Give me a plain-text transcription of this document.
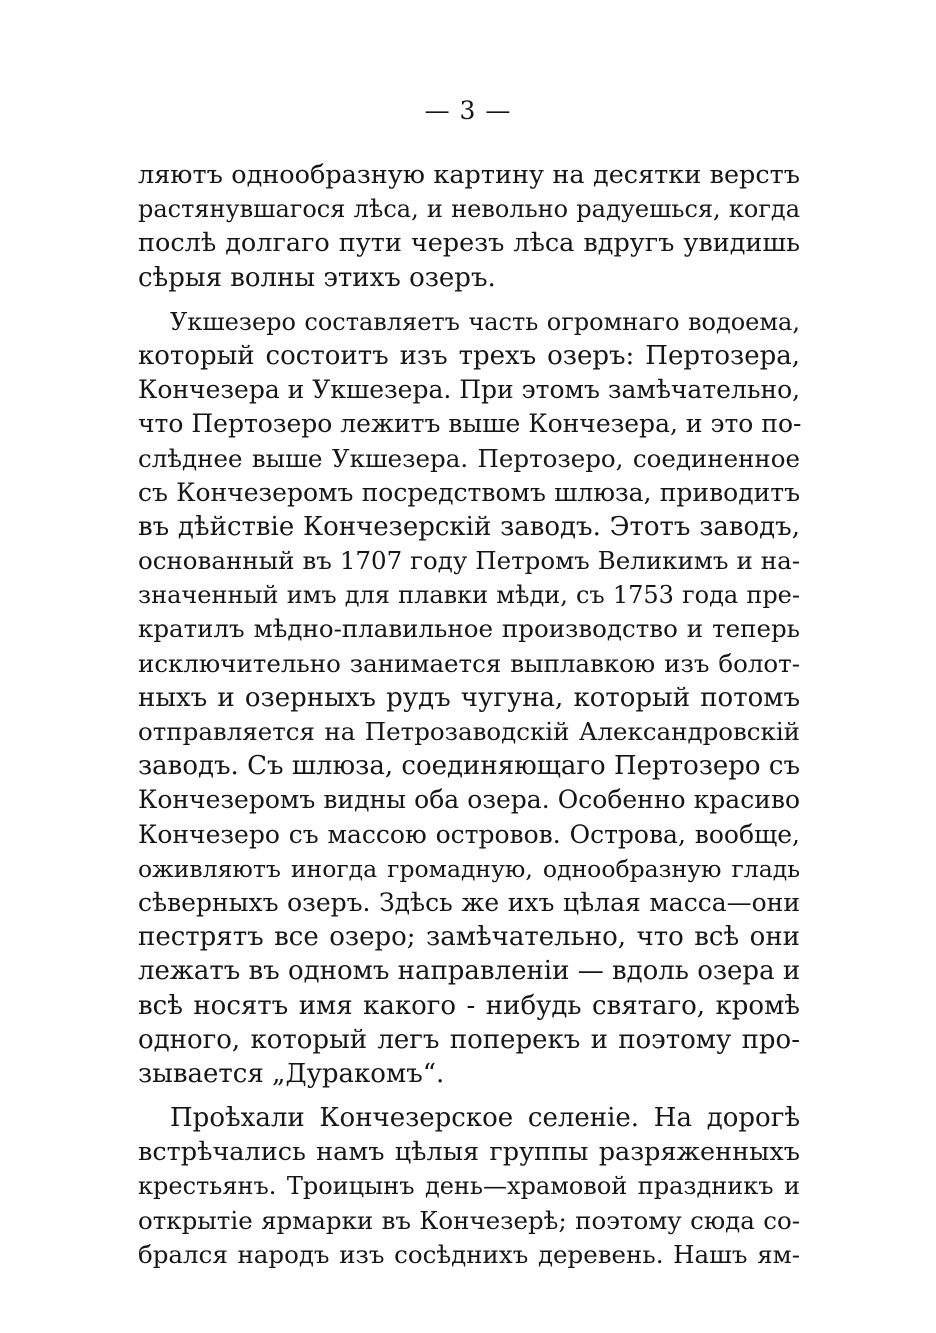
— 3 —
ляютъ однообразную картину на десятки верстъ
растянувшагося лѣса, и невольно радуешься, когда
послѣ долгаго пути черезъ лѣса вдругъ увидишь
сѣрыя волны этихъ озеръ.
Укшезеро составляетъ часть огромнаго водоема,
который состоитъ изъ трехъ озеръ: Пертозера,
Кончезера и Укшезера. При этомъ замѣчательно,
что Пертозеро лежитъ выше Кончезера, и это по-
слѣднее выше Укшезера. Пертозеро, соединенное
съ Кончезеромъ посредствомъ шлюза, приводитъ
въ дѣйствіе Кончезерскій заводъ. Этотъ заводъ,
основанный въ 1707 году Петромъ Великимъ и на-
значенный имъ для плавки мѣди, съ 1753 года пре-
кратилъ мѣдно-плавильное производство и теперь
исключительно занимается выплавкою изъ болот-
ныхъ и озерныхъ рудъ чугуна, который потомъ
отправляется на Петрозаводскій Александровскій
заводъ. Съ шлюза, соединяющаго Пертозеро съ
Кончезеромъ видны оба озера. Особенно красиво
Кончезеро съ массою островов. Острова, вообще,
оживляютъ иногда громадную, однообразную гладь
сѣверныхъ озеръ. Здѣсь же ихъ цѣлая масса—они
пестрятъ все озеро; замѣчательно, что всѣ они
лежатъ въ одномъ направленіи — вдоль озера и
всѣ носятъ имя какого - нибудь святаго, кромѣ
одного, который легъ поперекъ и поэтому про-
зывается „Дуракомъ“.
Проѣхали Кончезерское селеніе. На дорогѣ
встрѣчались намъ цѣлыя группы разряженныхъ
крестьянъ. Троицынъ день—храмовой праздникъ и
открытіе ярмарки въ Кончезерѣ; поэтому сюда со-
брался народъ изъ сосѣднихъ деревень. Нашъ ям-
